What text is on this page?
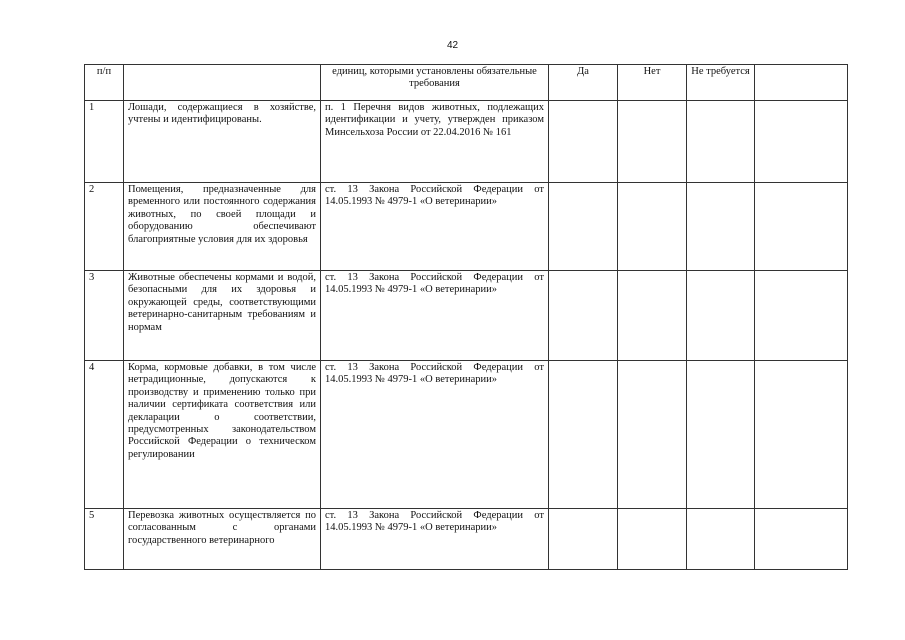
42
п/п		единиц, которыми установлены обязательные требования	Да	Нет	Не требуется	
1	Лошади, содержащиеся в хозяйстве, учтены и идентифицированы.	п. 1 Перечня видов животных, подлежащих идентификации и учету, утвержден приказом Минсельхоза России от 22.04.2016 № 161				
2	Помещения, предназначенные для временного или постоянного содержания животных, по своей площади и оборудованию обеспечивают благоприятные условия для их здоровья	ст. 13 Закона Российской Федерации от 14.05.1993 № 4979-1 «О ветеринарии»				
3	Животные обеспечены кормами и водой, безопасными для их здоровья и окружающей среды, соответствующими ветеринарно-санитарным требованиям и нормам	ст. 13 Закона Российской Федерации от 14.05.1993 № 4979-1 «О ветеринарии»				
4	Корма, кормовые добавки, в том числе нетрадиционные, допускаются к производству и применению только при наличии сертификата соответствия или декларации о соответствии, предусмотренных законодательством Российской Федерации о техническом регулировании	ст. 13 Закона Российской Федерации от 14.05.1993 № 4979-1 «О ветеринарии»				
5	Перевозка животных осуществляется по согласованным с органами государственного ветеринарного	ст. 13 Закона Российской Федерации от 14.05.1993 № 4979-1 «О ветеринарии»				
